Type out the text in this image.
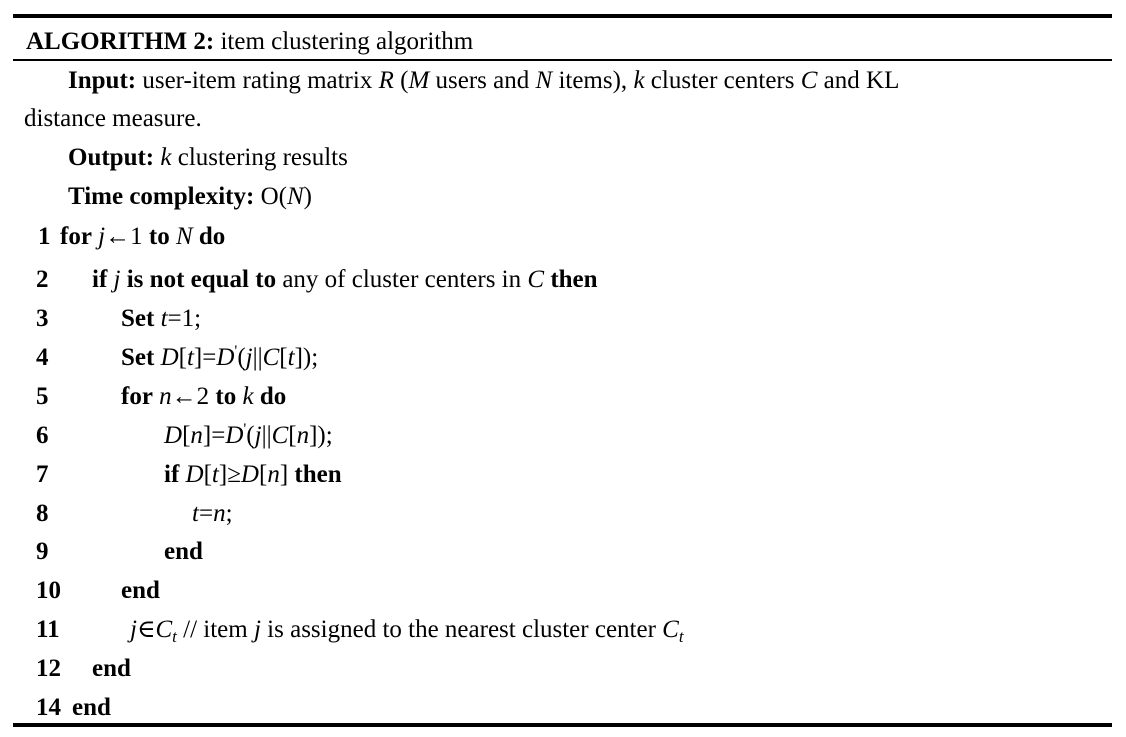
ALGORITHM 2: item clustering algorithm
Input: user-item rating matrix R (M users and N items), k cluster centers C and KL
distance measure.
Output: k clustering results
Time complexity: O(N)
1
2
3
4
5
6
7
8
9
10
11
12
14
for j←1 to N do
if j is not equal to any of cluster centers in C then
Set t=1;
Set D[t]=D'(j||C[t]);
for n←2 to k do
D[n]=D'(j||C[n]);
if D[t]≥D[n] then
t=n;
end
end
$j\in C_t$ // item j is assigned to the nearest cluster center $C_t$
end
end
